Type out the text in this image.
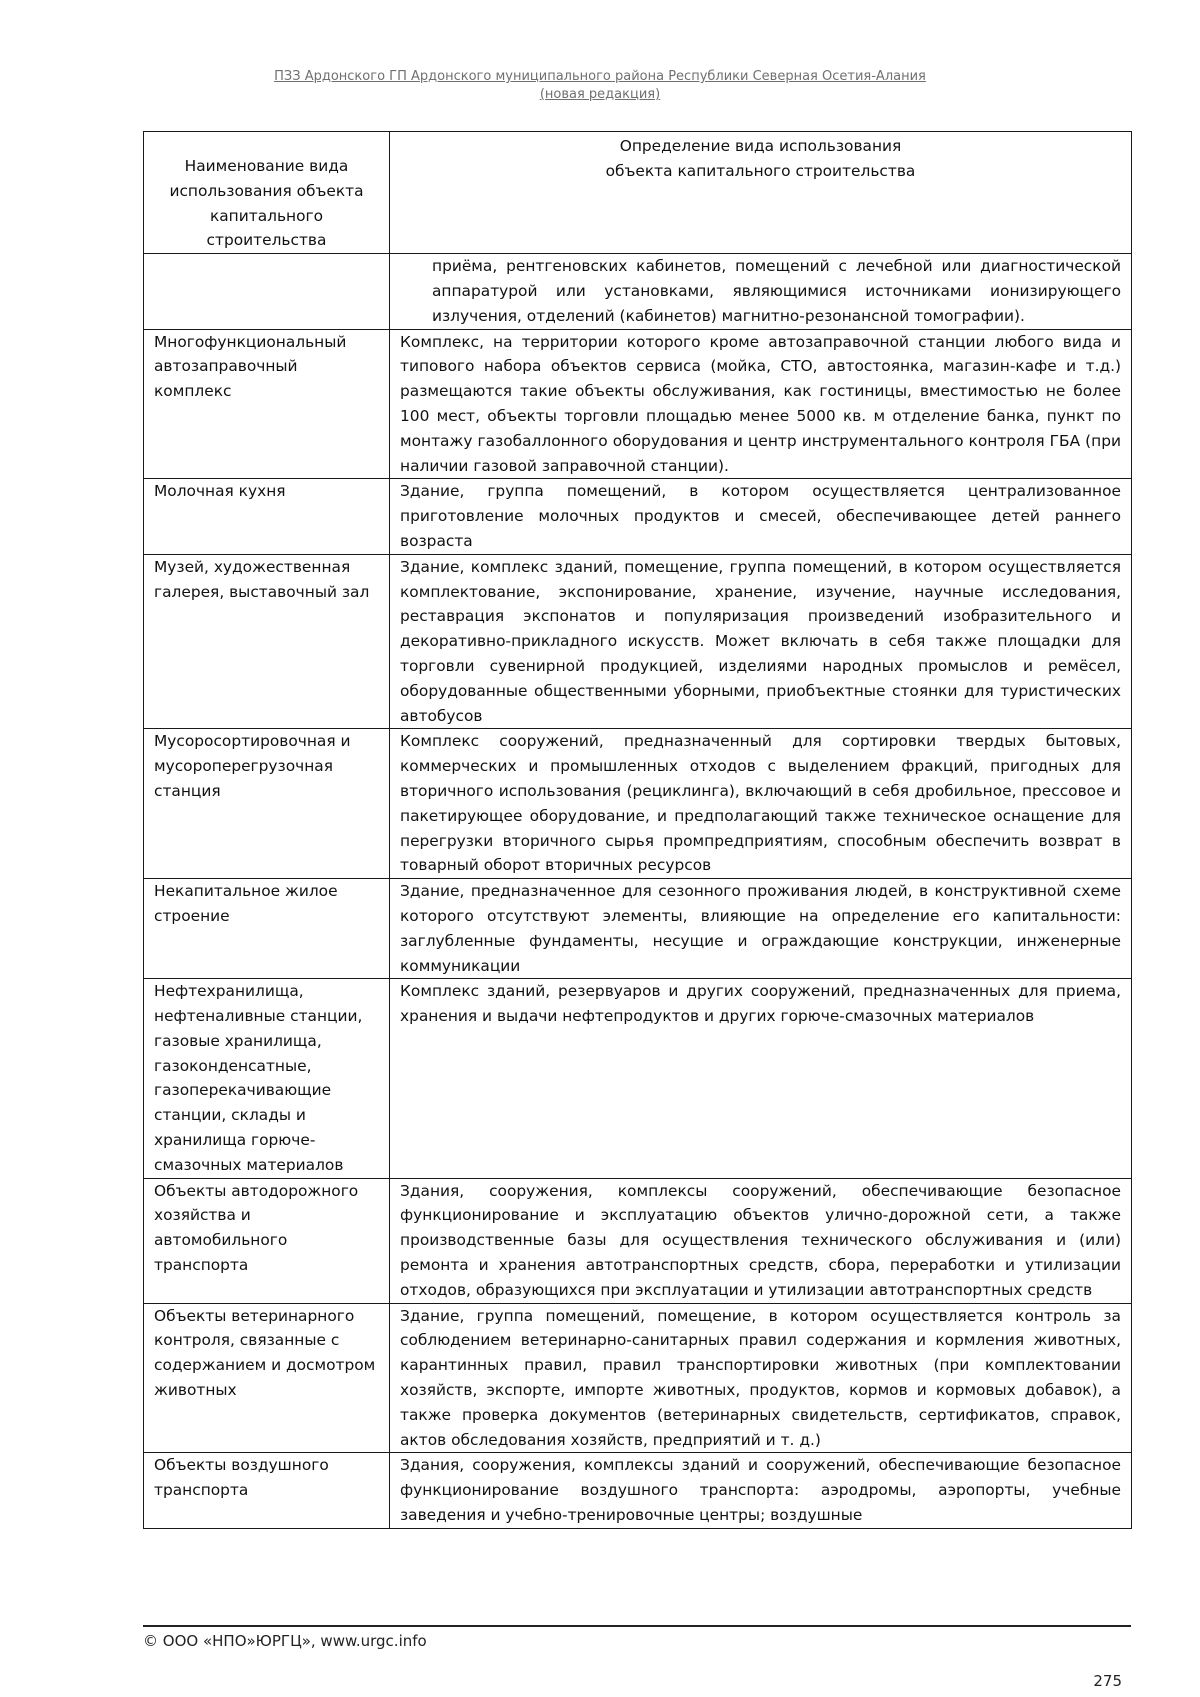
ПЗЗ Ардонского ГП Ардонского муниципального района Республики Северная Осетия-Алания
(новая редакция)
Наименование вида использования объекта капитального строительства	Определение вида использования
объекта капитального строительства

	приёма, рентгеновских кабинетов, помещений с лечебной или диагностической аппаратурой или установками, являющимися источниками ионизирующего излучения, отделений (кабинетов) магнитно-резонансной томографии).
Многофункциональный автозаправочный комплекс	Комплекс, на территории которого кроме автозаправочной станции любого вида и типового набора объектов сервиса (мойка, СТО, автостоянка, магазин-кафе и т.д.) размещаются такие объекты обслуживания, как гостиницы, вместимостью не более 100 мест, объекты торговли площадью менее 5000 кв. м отделение банка, пункт по монтажу газобаллонного оборудования и центр инструментального контроля ГБА (при наличии газовой заправочной станции).
Молочная кухня	Здание, группа помещений, в котором осуществляется централизованное приготовление молочных продуктов и смесей, обеспечивающее детей раннего возраста
Музей, художественная галерея, выставочный зал	Здание, комплекс зданий, помещение, группа помещений, в котором осуществляется комплектование, экспонирование, хранение, изучение, научные исследования, реставрация экспонатов и популяризация произведений изобразительного и декоративно-прикладного искусств. Может включать в себя также площадки для торговли сувенирной продукцией, изделиями народных промыслов и ремёсел, оборудованные общественными уборными, приобъектные стоянки для туристических автобусов
Мусоросортировочная и мусороперегрузочная станция	Комплекс сооружений, предназначенный для сортировки твердых бытовых, коммерческих и промышленных отходов с выделением фракций, пригодных для вторичного использования (рециклинга), включающий в себя дробильное, прессовое и пакетирующее оборудование, и предполагающий также техническое оснащение для перегрузки вторичного сырья промпредприятиям, способным обеспечить возврат в товарный оборот вторичных ресурсов
Некапитальное жилое строение	Здание, предназначенное для сезонного проживания людей, в конструктивной схеме которого отсутствуют элементы, влияющие на определение его капитальности: заглубленные фундаменты, несущие и ограждающие конструкции, инженерные коммуникации
Нефтехранилища, нефтеналивные станции, газовые хранилища, газоконденсатные, газоперекачивающие станции, склады и хранилища горюче-смазочных материалов	Комплекс зданий, резервуаров и других сооружений, предназначенных для приема, хранения и выдачи нефтепродуктов и других горюче-смазочных материалов
Объекты автодорожного хозяйства и автомобильного транспорта	Здания, сооружения, комплексы сооружений, обеспечивающие безопасное функционирование и эксплуатацию объектов улично-дорожной сети, а также производственные базы для осуществления технического обслуживания и (или) ремонта и хранения автотранспортных средств, сбора, переработки и утилизации отходов, образующихся при эксплуатации и утилизации автотранспортных средств
Объекты ветеринарного контроля, связанные с содержанием и досмотром животных	Здание, группа помещений, помещение, в котором осуществляется контроль за соблюдением ветеринарно-санитарных правил содержания и кормления животных, карантинных правил, правил транспортировки животных (при комплектовании хозяйств, экспорте, импорте животных, продуктов, кормов и кормовых добавок), а также проверка документов (ветеринарных свидетельств, сертификатов, справок, актов обследования хозяйств, предприятий и т. д.)
Объекты воздушного транспорта	Здания, сооружения, комплексы зданий и сооружений, обеспечивающие безопасное функционирование воздушного транспорта: аэродромы, аэропорты, учебные заведения и учебно-тренировочные центры; воздушные
© ООО «НПО»ЮРГЦ», www.urgc.info
275
